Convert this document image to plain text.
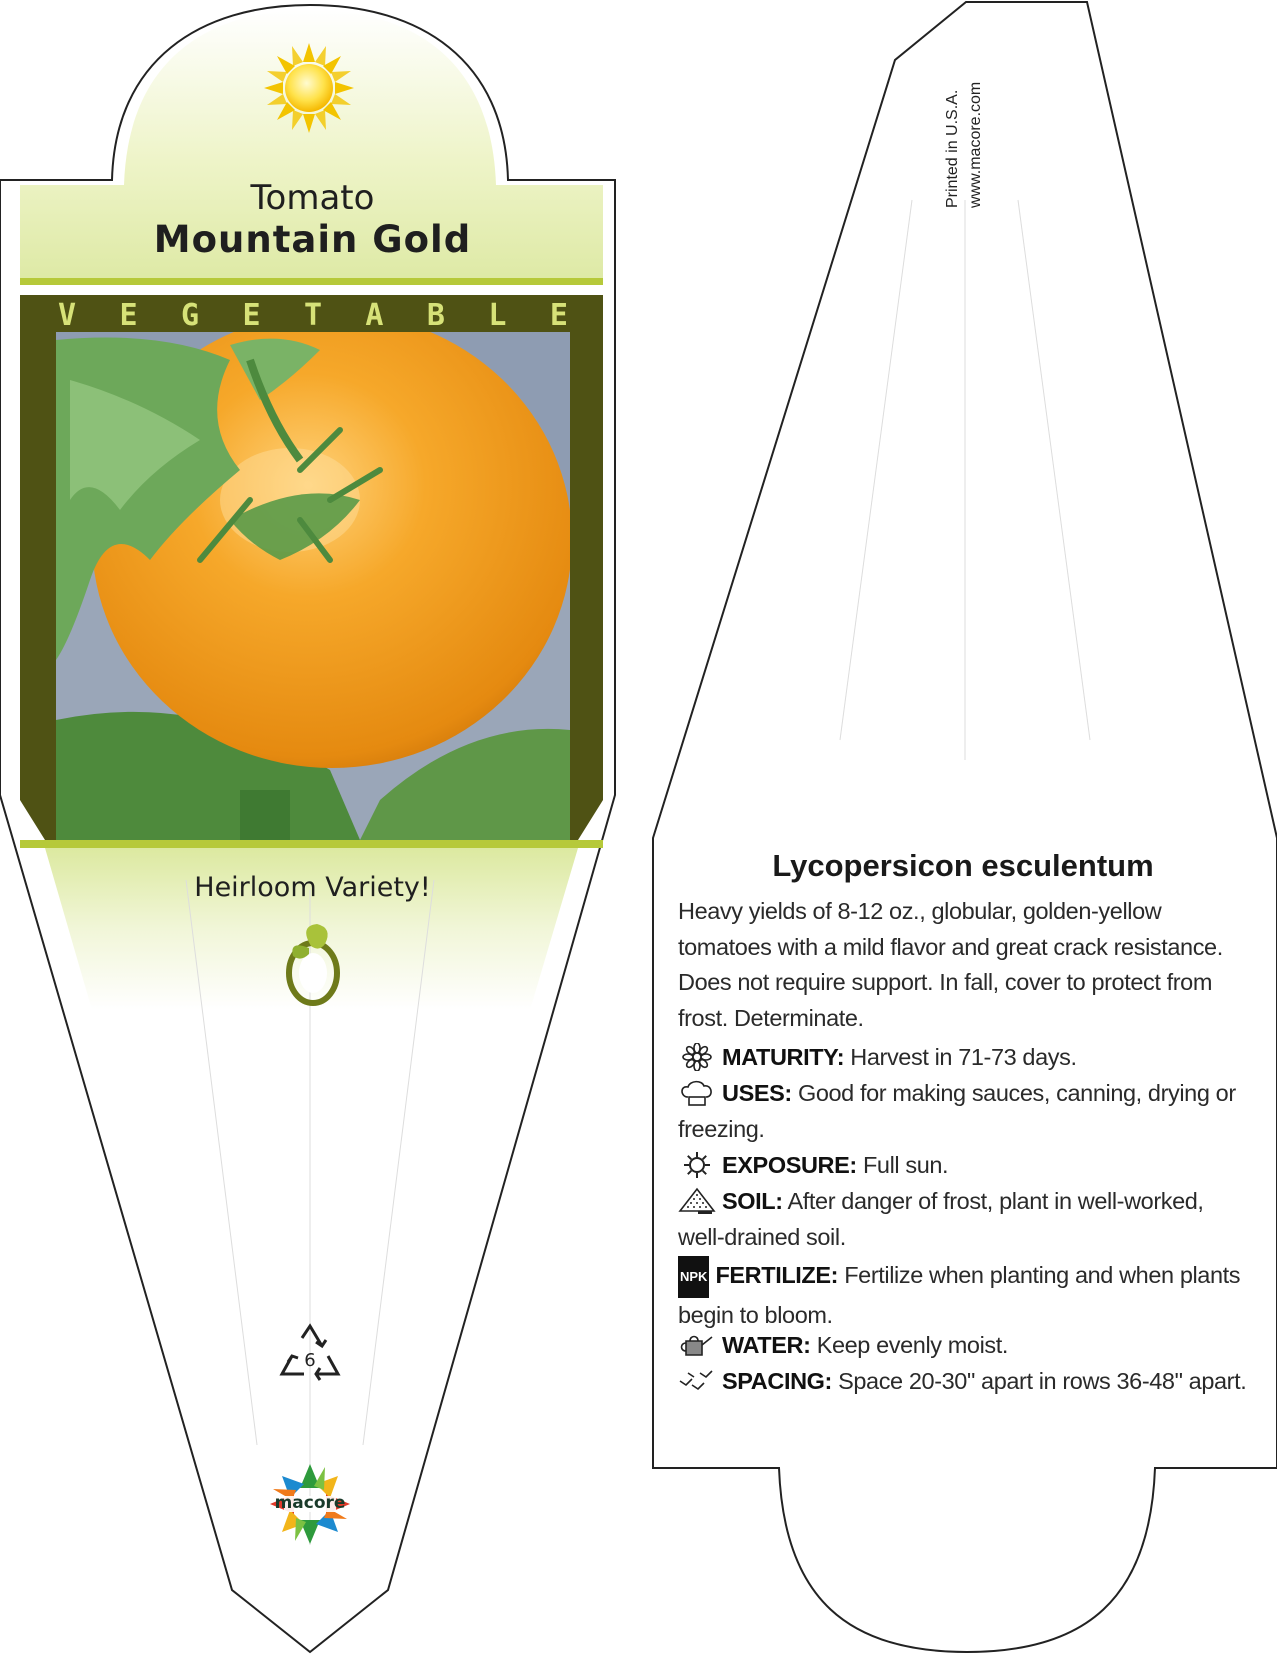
Tomato
Mountain Gold
V E G E T A B L E
Heirloom Variety!
6
macore
Printed in U.S.A. www.macore.com
Lycopersicon esculentum
Heavy yields of 8-12 oz., globular, golden-yellow tomatoes with a mild flavor and great crack resistance. Does not require support. In fall, cover to protect from frost. Determinate.
MATURITY: Harvest in 71-73 days.
USES: Good for making sauces, canning, drying or freezing.
EXPOSURE: Full sun.
SOIL: After danger of frost, plant in well-worked, well-drained soil.
NPK FERTILIZE: Fertilize when planting and when plants begin to bloom.
WATER: Keep evenly moist.
SPACING: Space 20-30" apart in rows 36-48" apart.
